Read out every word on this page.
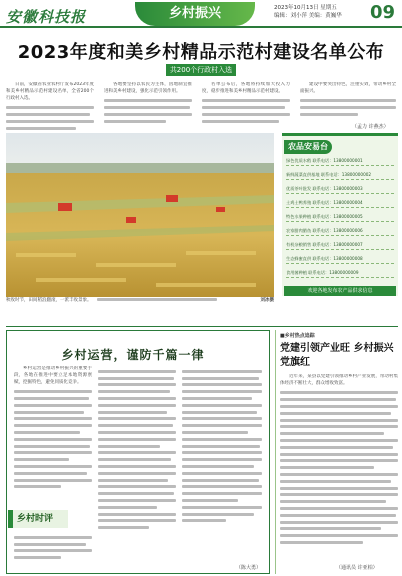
安徽科技报	乡村振兴	2023年10月13日 星期五
编辑：刘小萍 美编：黄巍华 09
2023年度和美乡村精品示范村建设名单公布
共200个行政村入选

日前，安徽省农业农村厅发布2023年度和美乡村精品示范村建设名单，全省200个行政村入选。

各地要坚持以农民为主体，因地制宜推进和美乡村建设，强化示范引领作用。

名单公布后，各地将持续加大投入力度，稳步推进和美乡村精品示范村建设。

建设中要突出特色，注重实效，带动乡村全面振兴。

（孟力 许燕杰）
秋收时节，田间稻浪翻滚，一派丰收景象。	刘冰摄
农品安易台
绿色优质水稻 联系电话：13800000001
新鲜蔬菜直供基地 联系电话：13800000002
优质茶叶批发 联系电话：13800000003
土鸡土鸭养殖 联系电话：13800000004
特色水果种植 联系电话：13800000005
农家腊肉腊鱼 联系电话：13800000006
有机杂粮销售 联系电话：13800000007
生态蜂蜜直供 联系电话：13800000008
食用菌种植 联系电话：13800000009
欢迎各地发布农产品供求信息
乡村运营，谨防千篇一律

乡村运营是推动乡村振兴的重要手段，各地在推进中要立足本地资源禀赋，挖掘特色，避免同质化竞争。

（陈大勇）
乡村时评
■乡村热点追踪
党建引领产业旺 乡村振兴党旗红

近年来，某县以党建引领推动乡村产业发展，带动村集体经济不断壮大，群众增收致富。

（通讯员 许亚柏）
